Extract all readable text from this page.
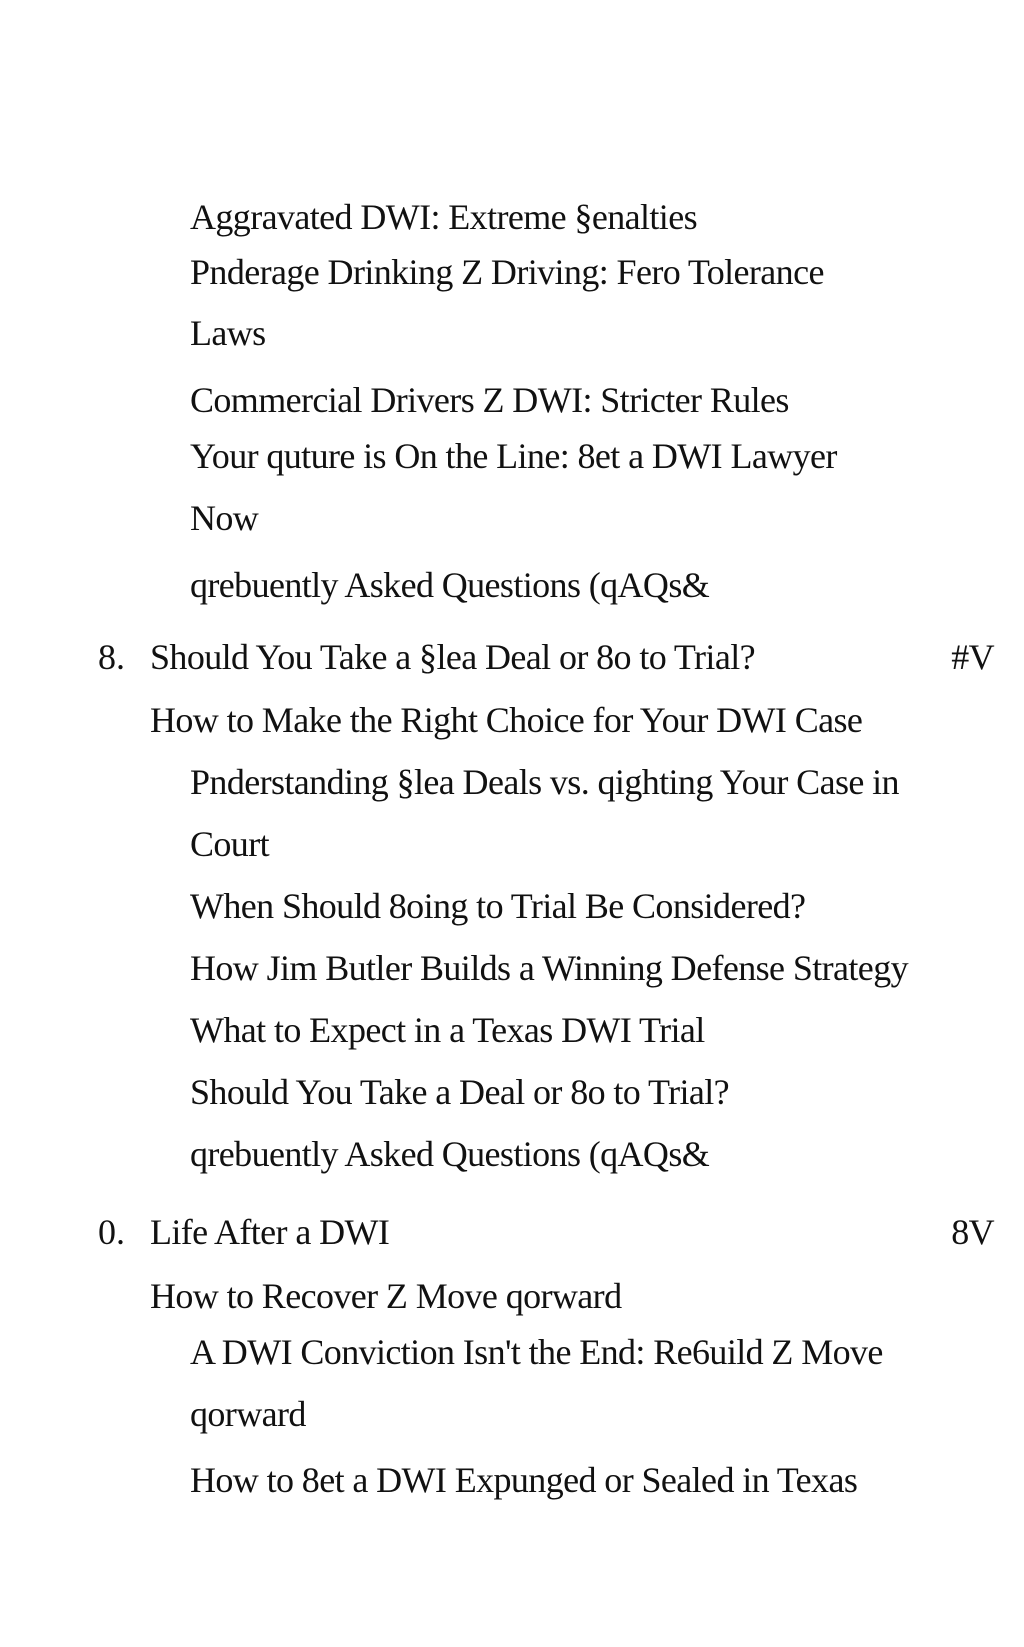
Aggravated DWI: Extreme §enalties
Pnderage Drinking Z Driving: Fero Tolerance
Laws
Commercial Drivers Z DWI: Stricter Rules
Your quture is On the Line: 8et a DWI Lawyer
Now
qrebuently Asked Questions (qAQs&
8. Should You Take a §lea Deal or 8o to Trial?	#V
How to Make the Right Choice for Your DWI Case
Pnderstanding §lea Deals vs. qighting Your Case in
Court
When Should 8oing to Trial Be Considered?
How Jim Butler Builds a Winning Defense Strategy
What to Expect in a Texas DWI Trial
Should You Take a Deal or 8o to Trial?
qrebuently Asked Questions (qAQs&
0. Life After a DWI	8V
How to Recover Z Move qorward
A DWI Conviction Isn't the End: Re6uild Z Move
qorward
How to 8et a DWI Expunged or Sealed in Texas
